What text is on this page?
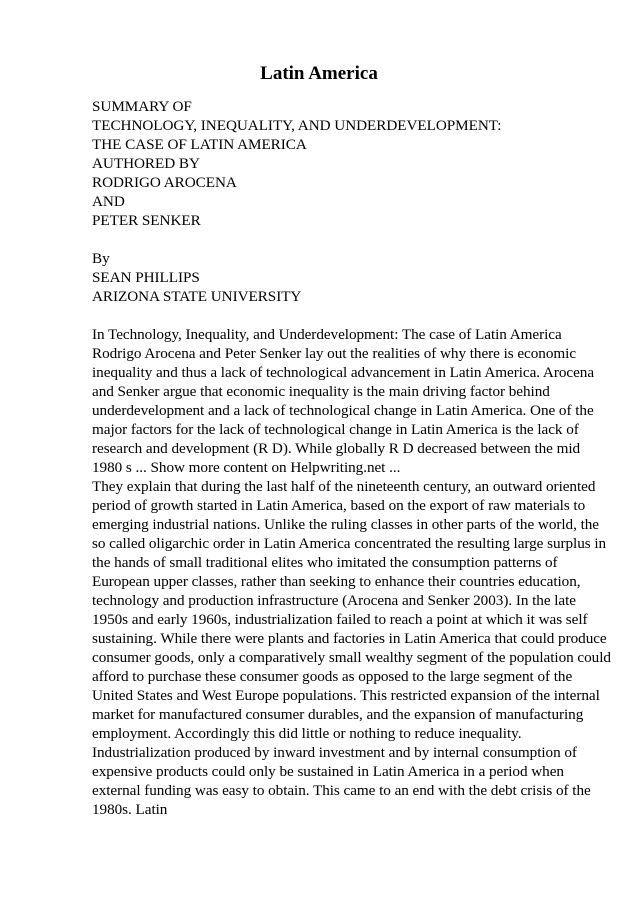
Latin America
SUMMARY OF
TECHNOLOGY, INEQUALITY, AND UNDERDEVELOPMENT:
THE CASE OF LATIN AMERICA
AUTHORED BY
RODRIGO AROCENA
AND
PETER SENKER
By
SEAN PHILLIPS
ARIZONA STATE UNIVERSITY
In Technology, Inequality, and Underdevelopment: The case of Latin America
Rodrigo Arocena and Peter Senker lay out the realities of why there is economic
inequality and thus a lack of technological advancement in Latin America. Arocena
and Senker argue that economic inequality is the main driving factor behind
underdevelopment and a lack of technological change in Latin America. One of the
major factors for the lack of technological change in Latin America is the lack of
research and development (R D). While globally R D decreased between the mid
1980 s ... Show more content on Helpwriting.net ...
They explain that during the last half of the nineteenth century, an outward oriented
period of growth started in Latin America, based on the export of raw materials to
emerging industrial nations. Unlike the ruling classes in other parts of the world, the
so called oligarchic order in Latin America concentrated the resulting large surplus in
the hands of small traditional elites who imitated the consumption patterns of
European upper classes, rather than seeking to enhance their countries education,
technology and production infrastructure (Arocena and Senker 2003). In the late
1950s and early 1960s, industrialization failed to reach a point at which it was self
sustaining. While there were plants and factories in Latin America that could produce
consumer goods, only a comparatively small wealthy segment of the population could
afford to purchase these consumer goods as opposed to the large segment of the
United States and West Europe populations. This restricted expansion of the internal
market for manufactured consumer durables, and the expansion of manufacturing
employment. Accordingly this did little or nothing to reduce inequality.
Industrialization produced by inward investment and by internal consumption of
expensive products could only be sustained in Latin America in a period when
external funding was easy to obtain. This came to an end with the debt crisis of the
1980s. Latin
